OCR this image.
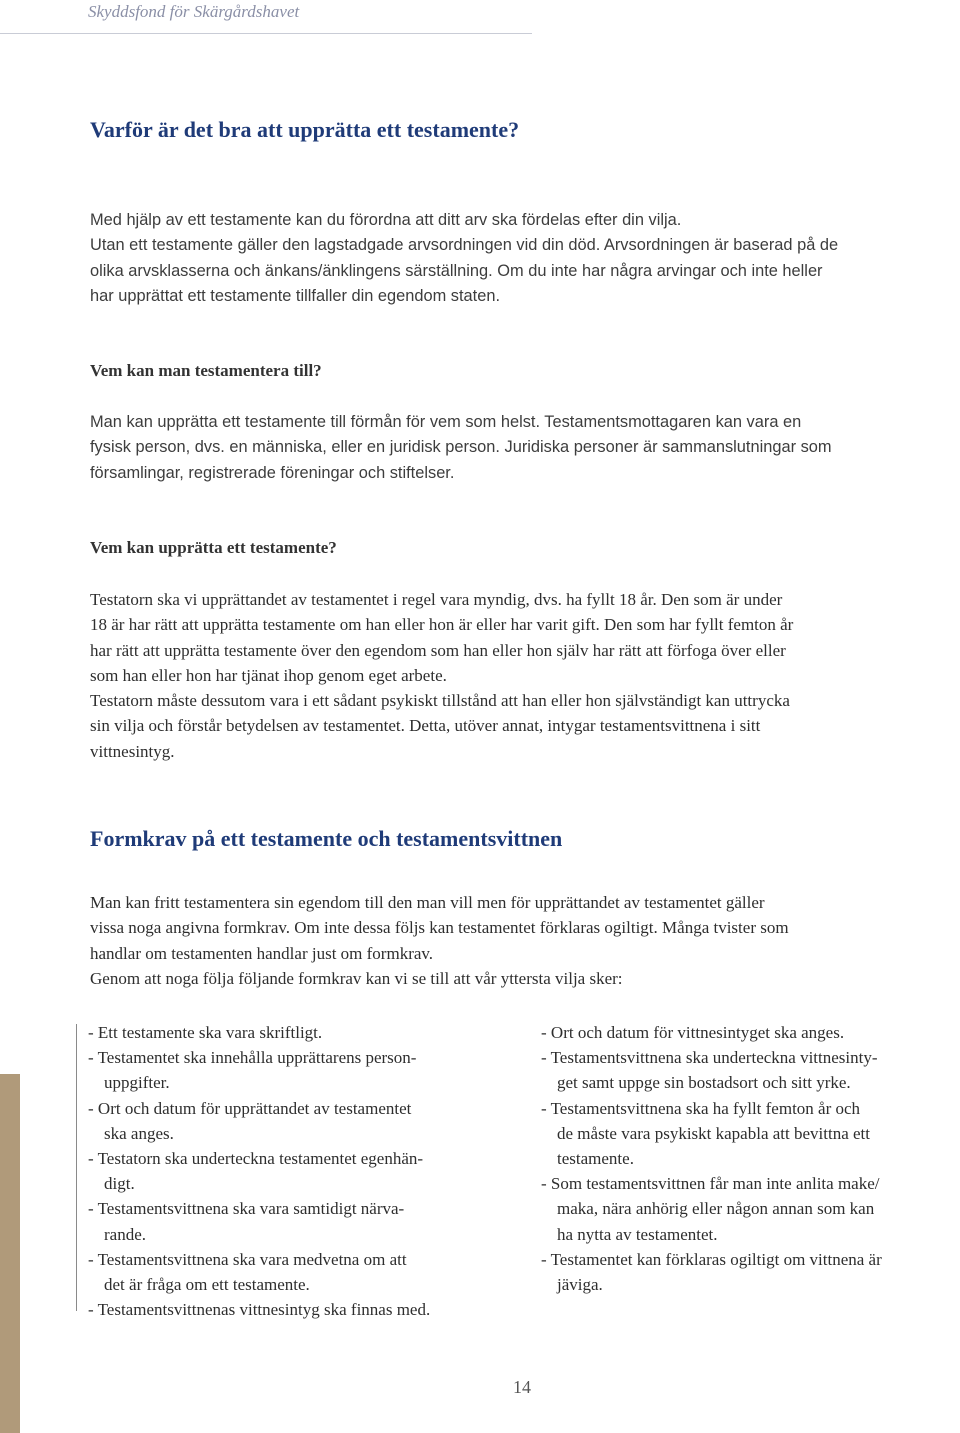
Skyddsfond för Skärgårdshavet
Varför är det bra att upprätta ett testamente?

Med hjälp av ett testamente kan du förordna att ditt arv ska fördelas efter din vilja.
Utan ett testamente gäller den lagstadgade arvsordningen vid din död. Arvsordningen är baserad på de
olika arvsklasserna och änkans/änklingens särställning. Om du inte har några arvingar och inte heller
har upprättat ett testamente tillfaller din egendom staten.

Vem kan man testamentera till?

Man kan upprätta ett testamente till förmån för vem som helst. Testamentsmottagaren kan vara en
fysisk person, dvs. en människa, eller en juridisk person. Juridiska personer är sammanslutningar som
församlingar, registrerade föreningar och stiftelser.

Vem kan upprätta ett testamente?

Testatorn ska vi upprättandet av testamentet i regel vara myndig, dvs. ha fyllt 18 år. Den som är under
18 är har rätt att upprätta testamente om han eller hon är eller har varit gift. Den som har fyllt femton år
har rätt att upprätta testamente över den egendom som han eller hon själv har rätt att förfoga över eller
som han eller hon har tjänat ihop genom eget arbete.
Testatorn måste dessutom vara i ett sådant psykiskt tillstånd att han eller hon självständigt kan uttrycka
sin vilja och förstår betydelsen av testamentet. Detta, utöver annat, intygar testamentsvittnena i sitt
vittnesintyg.

Formkrav på ett testamente och testamentsvittnen

Man kan fritt testamentera sin egendom till den man vill men för upprättandet av testamentet gäller
vissa noga angivna formkrav. Om inte dessa följs kan testamentet förklaras ogiltigt. Många tvister som
handlar om testamenten handlar just om formkrav.
Genom att noga följa följande formkrav kan vi se till att vår yttersta vilja sker:

- Ett testamente ska vara skriftligt.
- Testamentet ska innehålla upprättarens person-
uppgifter.
- Ort och datum för upprättandet av testamentet
ska anges.
- Testatorn ska underteckna testamentet egenhän-
digt.
- Testamentsvittnena ska vara samtidigt närva-
rande.
- Testamentsvittnena ska vara medvetna om att
det är fråga om ett testamente.
- Testamentsvittnenas vittnesintyg ska finnas med.
- Ort och datum för vittnesintyget ska anges.
- Testamentsvittnena ska underteckna vittnesinty-
get samt uppge sin bostadsort och sitt yrke.
- Testamentsvittnena ska ha fyllt femton år och
de måste vara psykiskt kapabla att bevittna ett
testamente.
- Som testamentsvittnen får man inte anlita make/
maka, nära anhörig eller någon annan som kan
ha nytta av testamentet.
- Testamentet kan förklaras ogiltigt om vittnena är
jäviga.
14
